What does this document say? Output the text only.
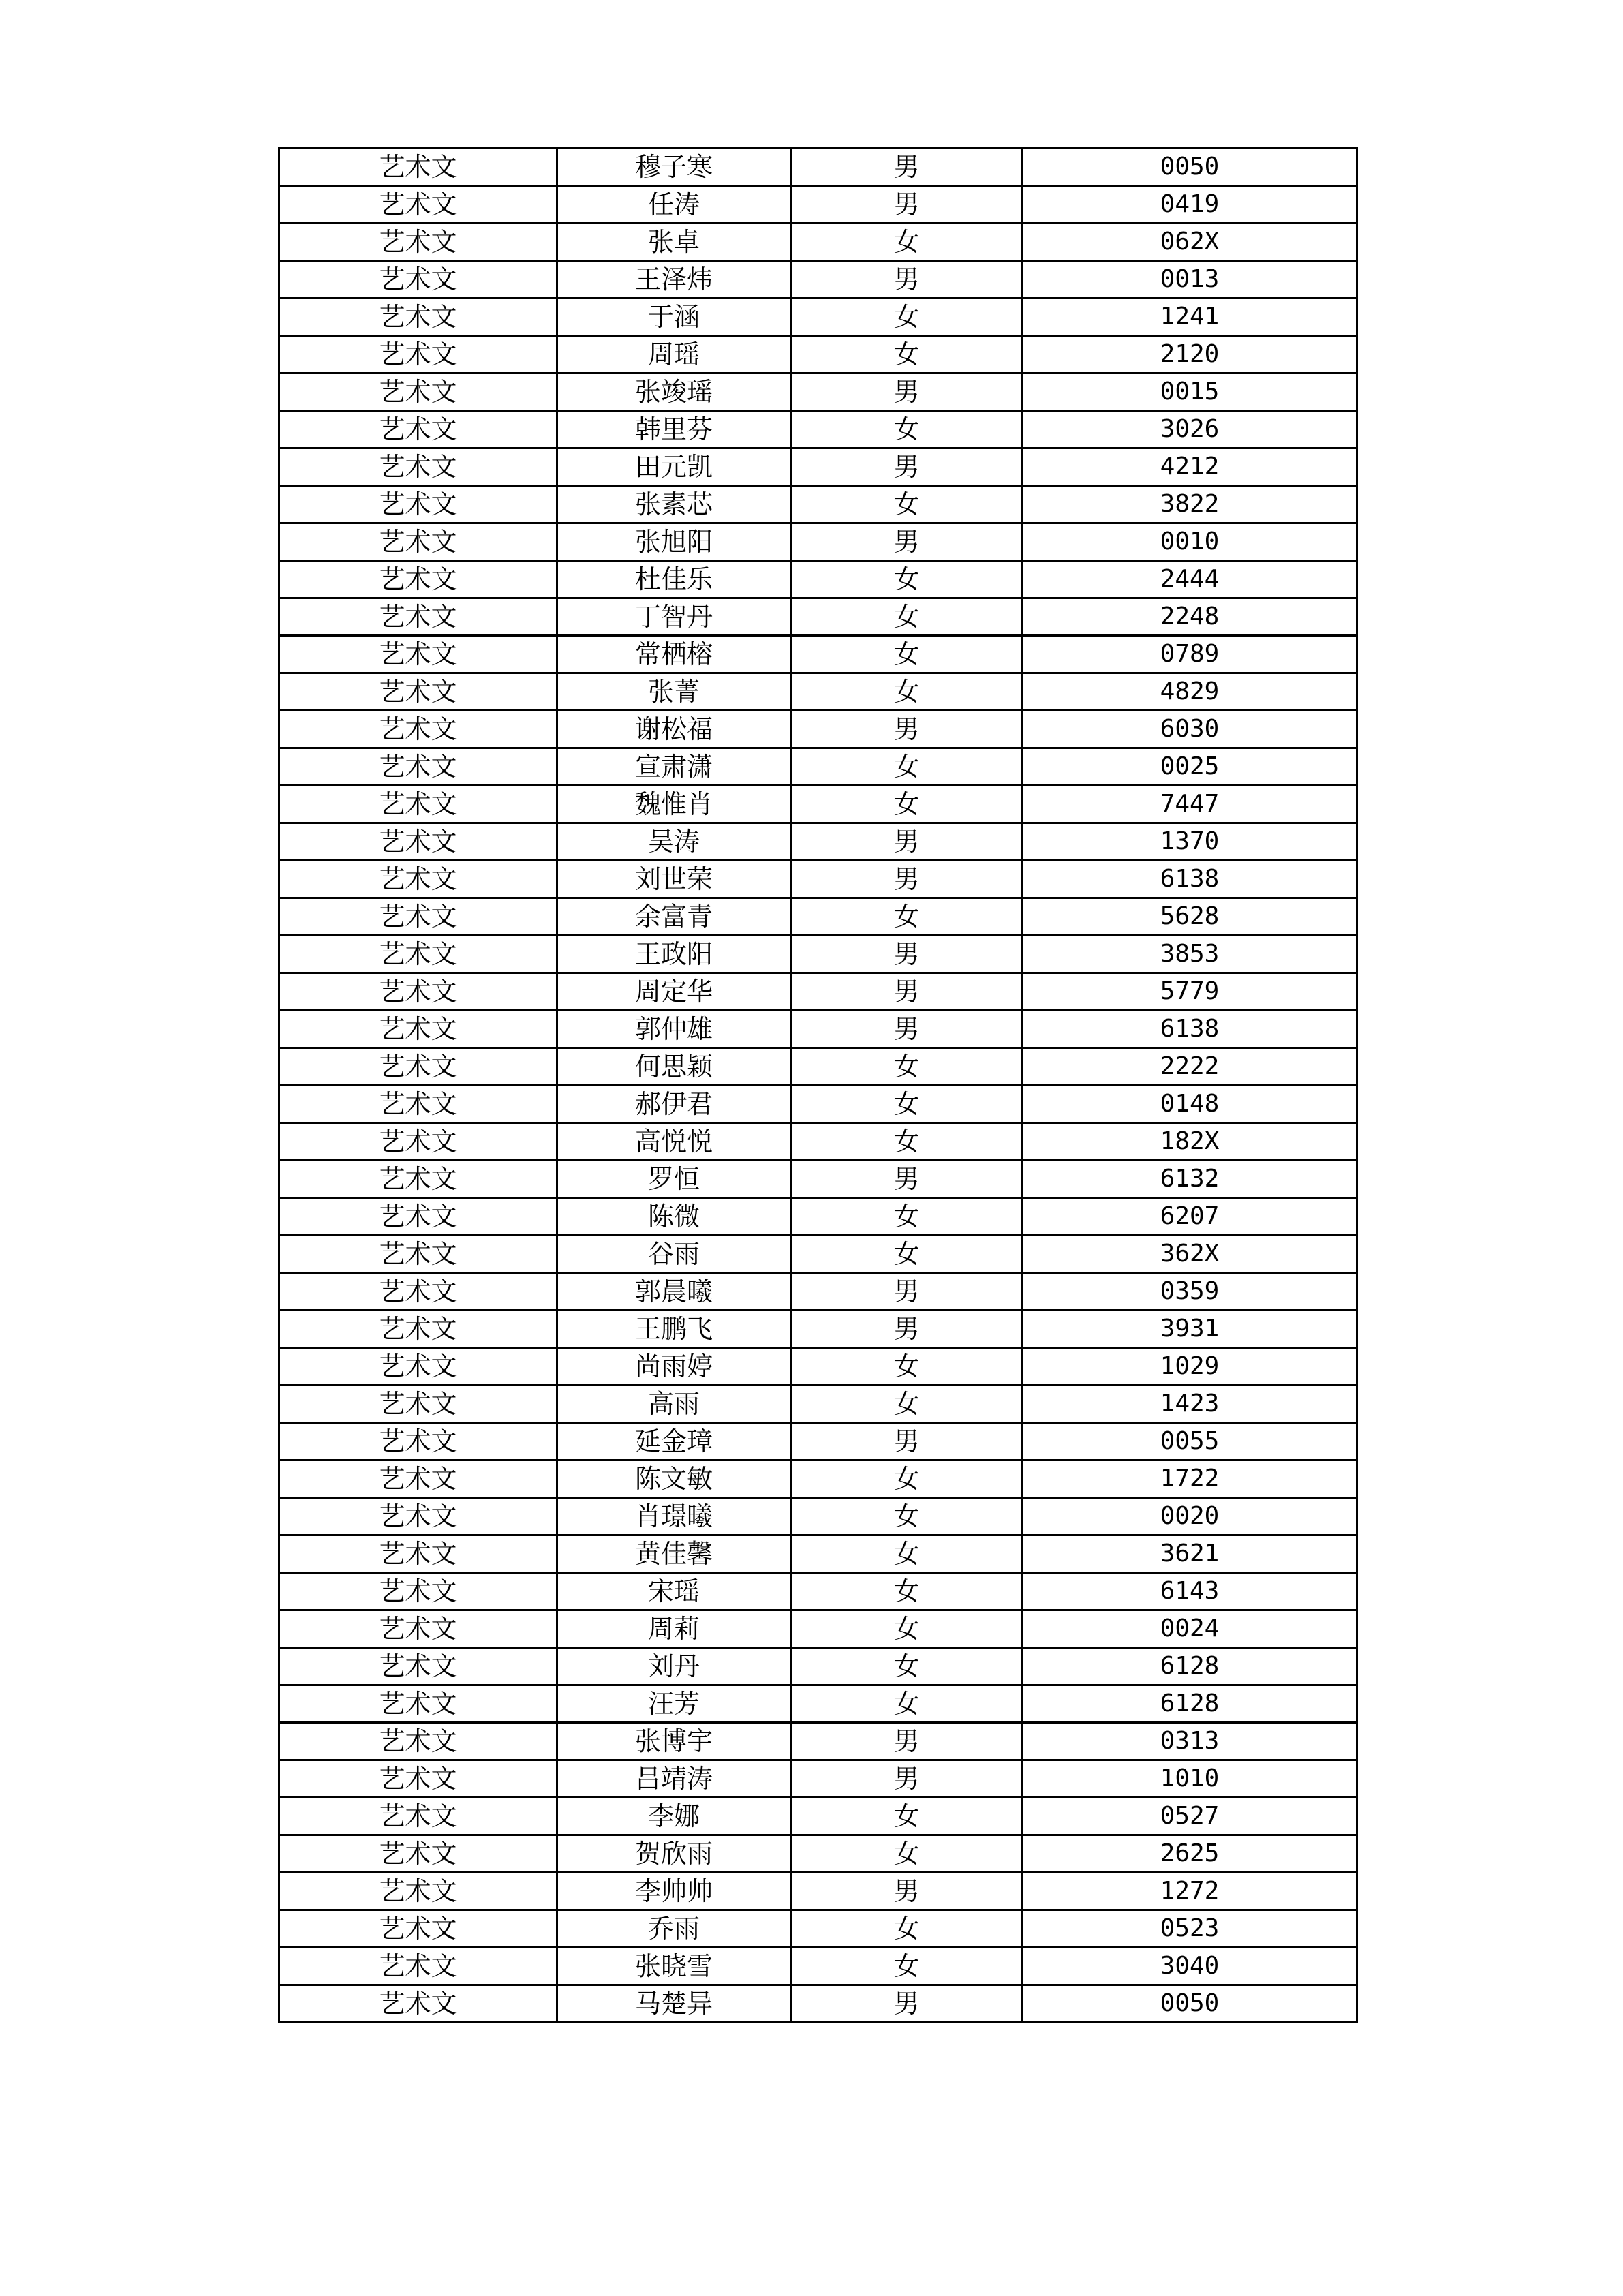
艺术文	穆子寒	男	0050
艺术文	任涛	男	0419
艺术文	张卓	女	062X
艺术文	王泽炜	男	0013
艺术文	于涵	女	1241
艺术文	周瑶	女	2120
艺术文	张竣瑶	男	0015
艺术文	韩里芬	女	3026
艺术文	田元凯	男	4212
艺术文	张素芯	女	3822
艺术文	张旭阳	男	0010
艺术文	杜佳乐	女	2444
艺术文	丁智丹	女	2248
艺术文	常栖榕	女	0789
艺术文	张菁	女	4829
艺术文	谢松福	男	6030
艺术文	宣肃潇	女	0025
艺术文	魏惟肖	女	7447
艺术文	吴涛	男	1370
艺术文	刘世荣	男	6138
艺术文	余富青	女	5628
艺术文	王政阳	男	3853
艺术文	周定华	男	5779
艺术文	郭仲雄	男	6138
艺术文	何思颖	女	2222
艺术文	郝伊君	女	0148
艺术文	高悦悦	女	182X
艺术文	罗恒	男	6132
艺术文	陈微	女	6207
艺术文	谷雨	女	362X
艺术文	郭晨曦	男	0359
艺术文	王鹏飞	男	3931
艺术文	尚雨婷	女	1029
艺术文	高雨	女	1423
艺术文	延金璋	男	0055
艺术文	陈文敏	女	1722
艺术文	肖璟曦	女	0020
艺术文	黄佳馨	女	3621
艺术文	宋瑶	女	6143
艺术文	周莉	女	0024
艺术文	刘丹	女	6128
艺术文	汪芳	女	6128
艺术文	张博宇	男	0313
艺术文	吕靖涛	男	1010
艺术文	李娜	女	0527
艺术文	贺欣雨	女	2625
艺术文	李帅帅	男	1272
艺术文	乔雨	女	0523
艺术文	张晓雪	女	3040
艺术文	马楚异	男	0050
